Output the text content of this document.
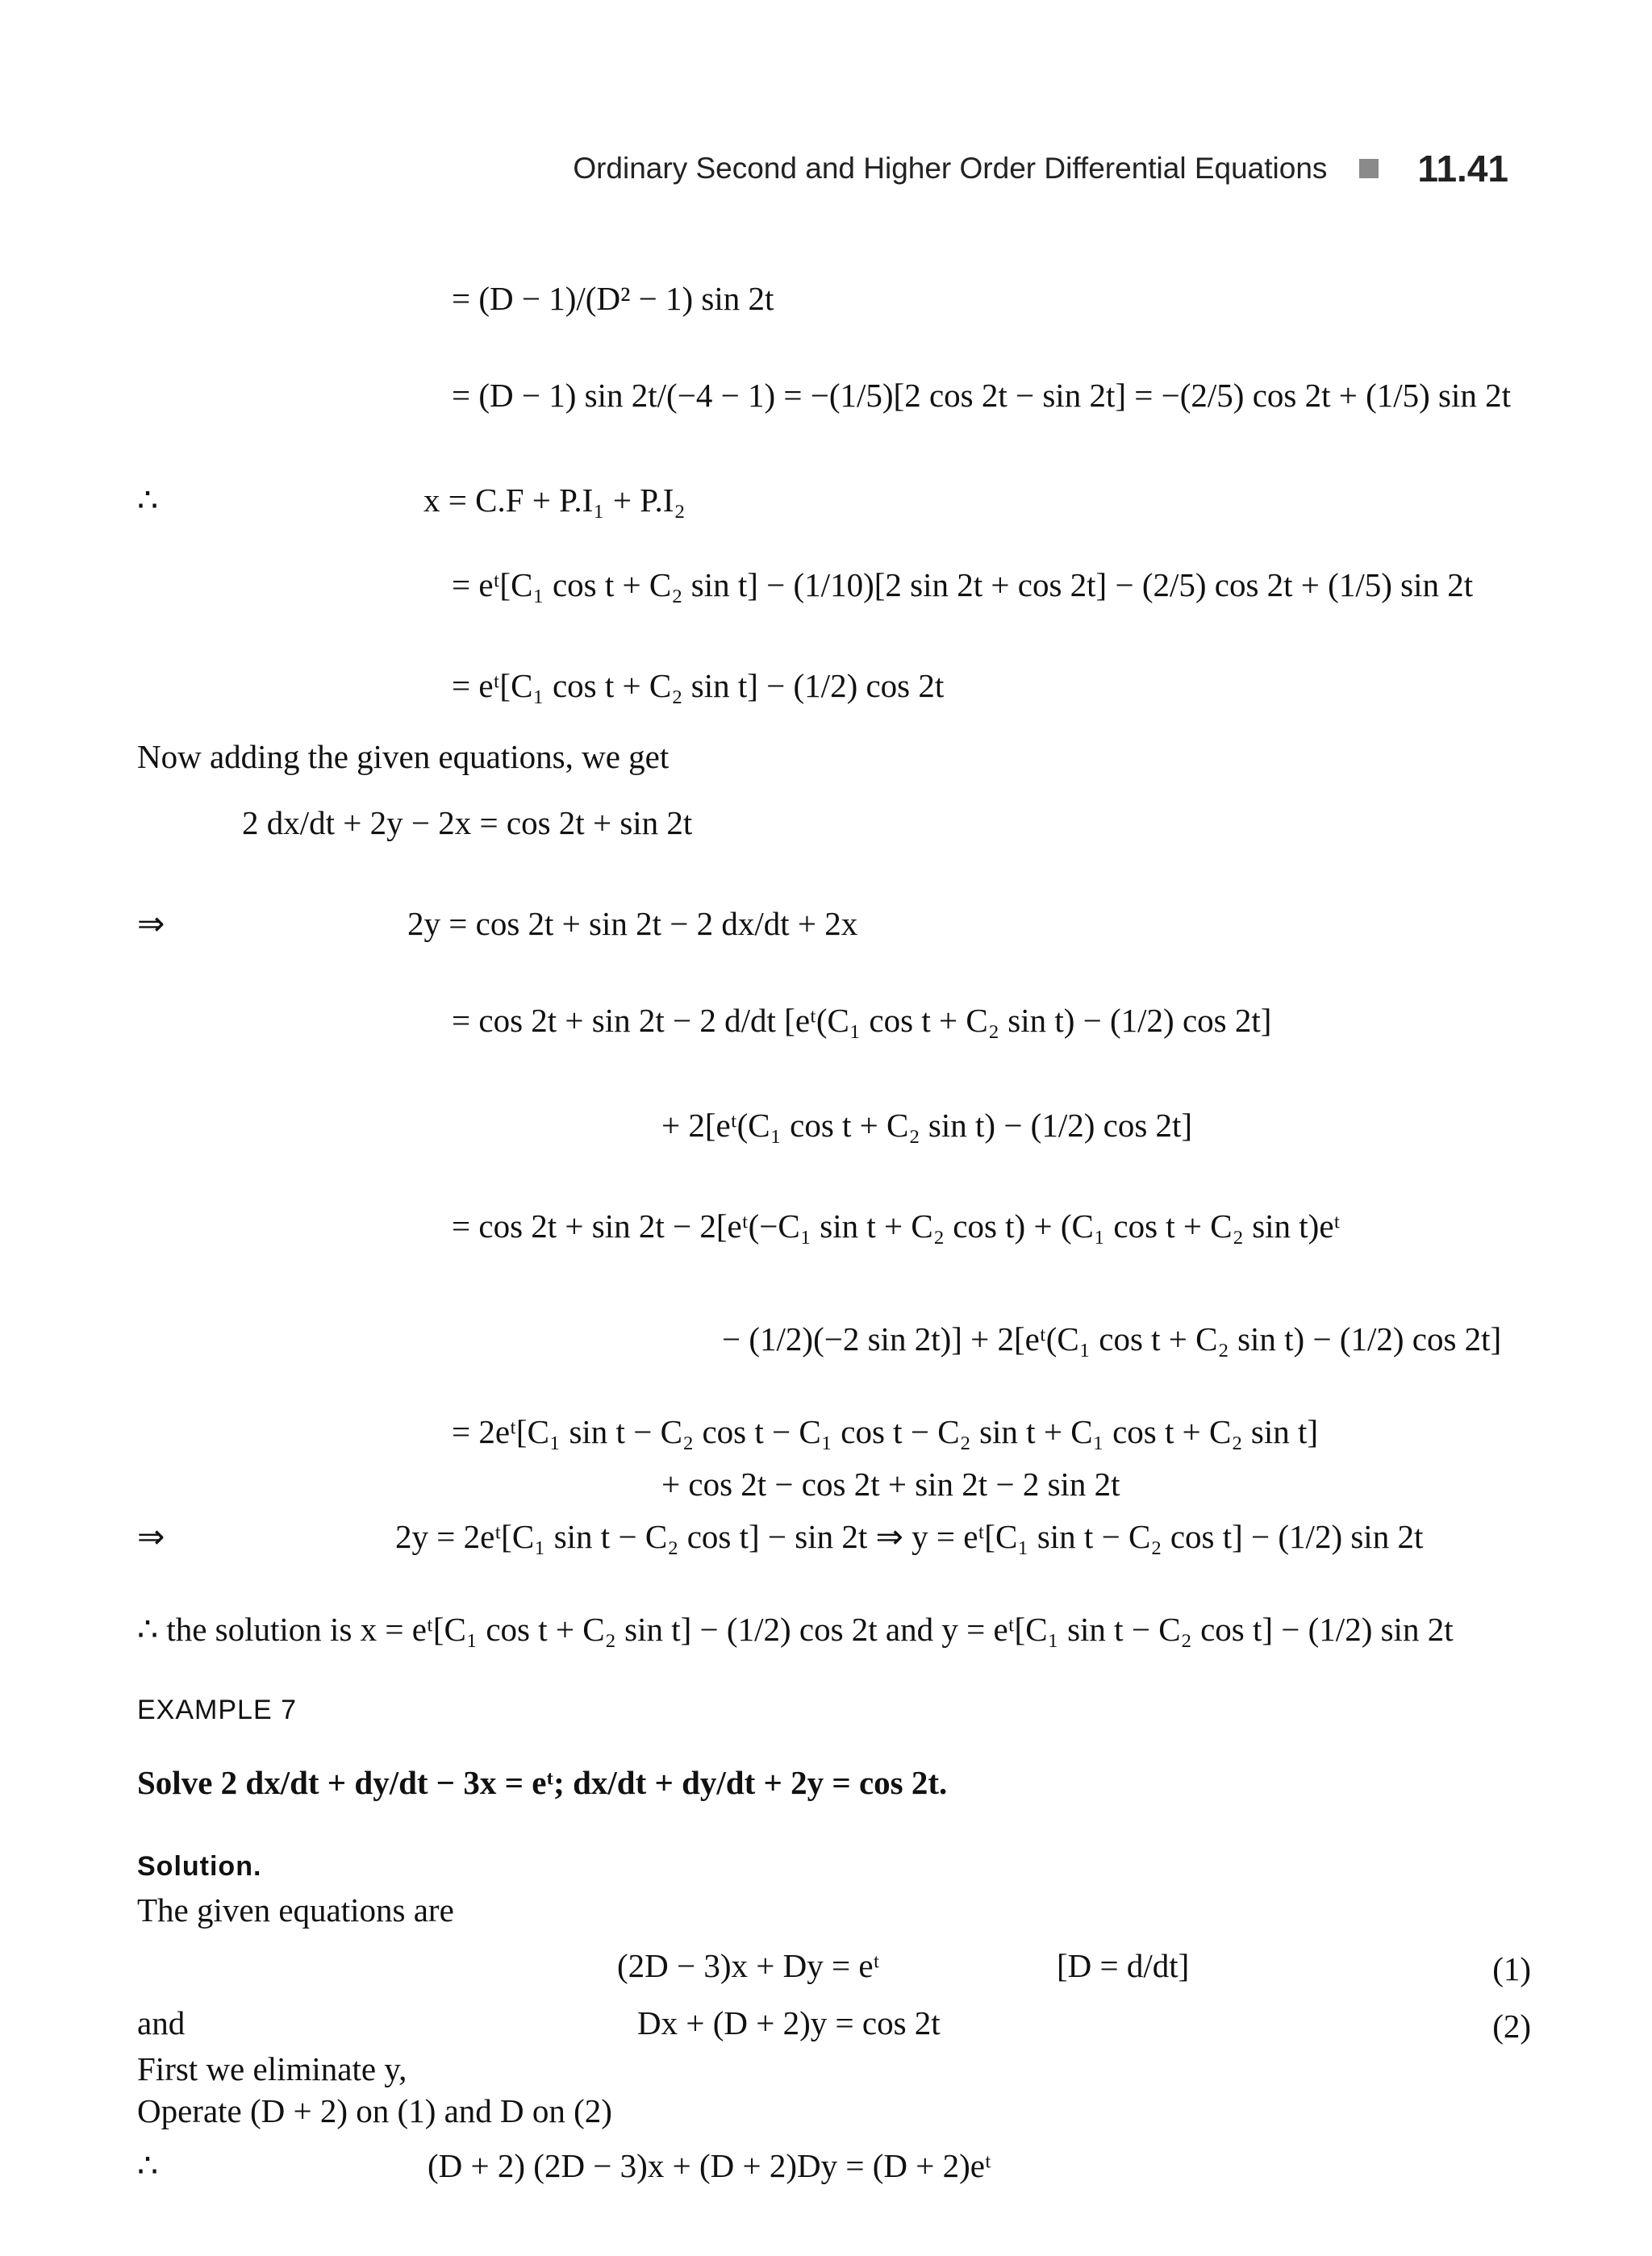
Ordinary Second and Higher Order Differential Equations 11.41
= (D − 1)/(D² − 1) sin 2t
= (D − 1) sin 2t/(−4 − 1) = −(1/5)[2 cos 2t − sin 2t] = −(2/5) cos 2t + (1/5) sin 2t
∴	x = C.F + P.I₁ + P.I₂
= eᵗ[C₁ cos t + C₂ sin t] − (1/10)[2 sin 2t + cos 2t] − (2/5) cos 2t + (1/5) sin 2t
= eᵗ[C₁ cos t + C₂ sin t] − (1/2) cos 2t
Now adding the given equations, we get
2 dx/dt + 2y − 2x = cos 2t + sin 2t
⇒	2y = cos 2t + sin 2t − 2 dx/dt + 2x
= cos 2t + sin 2t − 2 d/dt [eᵗ(C₁ cos t + C₂ sin t) − (1/2) cos 2t]
+ 2[eᵗ(C₁ cos t + C₂ sin t) − (1/2) cos 2t]
= cos 2t + sin 2t − 2[eᵗ(−C₁ sin t + C₂ cos t) + (C₁ cos t + C₂ sin t)eᵗ
− (1/2)(−2 sin 2t)] + 2[eᵗ(C₁ cos t + C₂ sin t) − (1/2) cos 2t]
= 2eᵗ[C₁ sin t − C₂ cos t − C₁ cos t − C₂ sin t + C₁ cos t + C₂ sin t]
+ cos 2t − cos 2t + sin 2t − 2 sin 2t
⇒	2y = 2eᵗ[C₁ sin t − C₂ cos t] − sin 2t ⇒ y = eᵗ[C₁ sin t − C₂ cos t] − (1/2) sin 2t
∴ the solution is x = eᵗ[C₁ cos t + C₂ sin t] − (1/2) cos 2t and y = eᵗ[C₁ sin t − C₂ cos t] − (1/2) sin 2t
EXAMPLE 7
Solve 2 dx/dt + dy/dt − 3x = eᵗ; dx/dt + dy/dt + 2y = cos 2t.
Solution.
The given equations are
(2D − 3)x + Dy = eᵗ	[D = d/dt]
and	Dx + (D + 2)y = cos 2t
First we eliminate y,
Operate (D + 2) on (1) and D on (2)
∴	(D + 2) (2D − 3)x + (D + 2)Dy = (D + 2)eᵗ
(1)
(2)
